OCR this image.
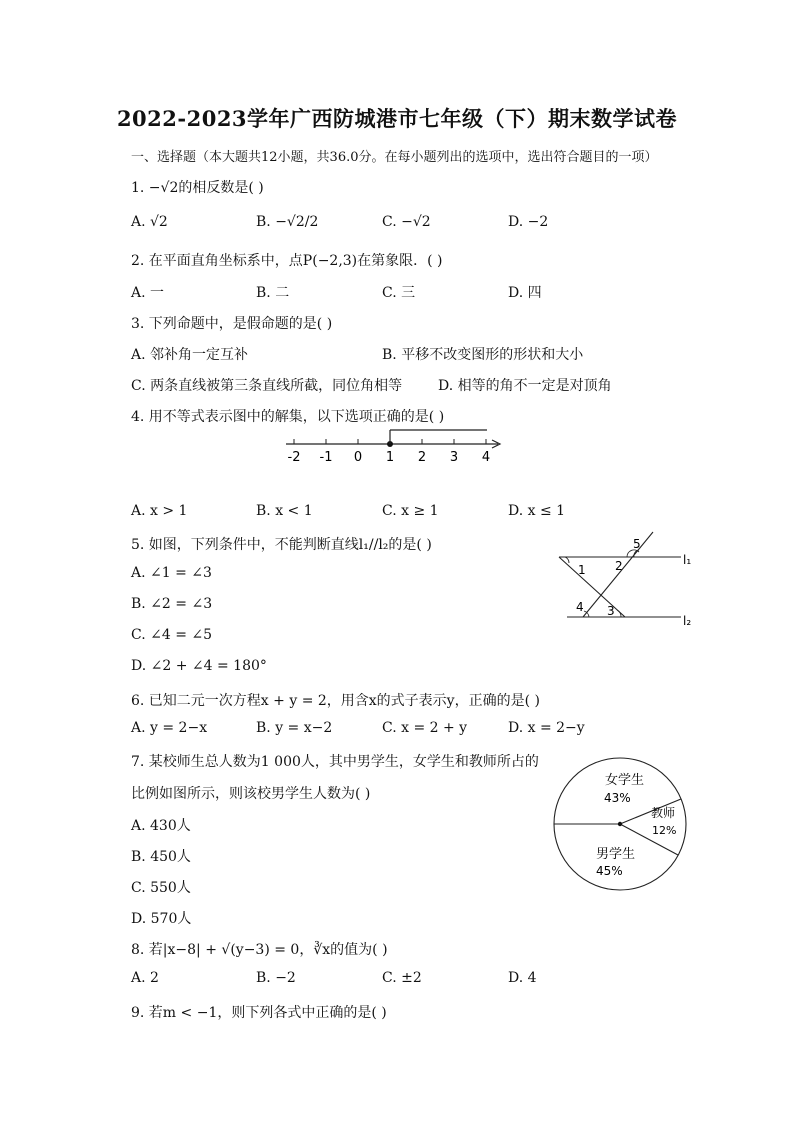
2022-2023学年广西防城港市七年级（下）期末数学试卷
一、选择题（本大题共12小题，共36.0分。在每小题列出的选项中，选出符合题目的一项）
1. −√2的相反数是( )
A. √2	B. −√2/2	C. −√2	D. −2
2. 在平面直角坐标系中，点P(−2,3)在第象限．( )
A. 一	B. 二	C. 三	D. 四
3. 下列命题中，是假命题的是( )
A. 邻补角一定互补	B. 平移不改变图形的形状和大小
C. 两条直线被第三条直线所截，同位角相等	D. 相等的角不一定是对顶角
4. 用不等式表示图中的解集，以下选项正确的是( )
-2 -1 0 1 2 3 4
A. x > 1	B. x < 1	C. x ≥ 1	D. x ≤ 1
5. 如图，下列条件中，不能判断直线l₁//l₂的是( )
A. ∠1 = ∠3
B. ∠2 = ∠3
C. ∠4 = ∠5
D. ∠2 + ∠4 = 180°
1 2
3
4
5
l₁
l₂
6. 已知二元一次方程x + y = 2，用含x的式子表示y，正确的是( )
A. y = 2−x	B. y = x−2	C. x = 2 + y	D. x = 2−y
7. 某校师生总人数为1 000人，其中男学生，女学生和教师所占的
比例如图所示，则该校男学生人数为( )
A. 430人
B. 450人
C. 550人
D. 570人
女学生
43%
教师
12%
男学生
45%
8. 若|x−8| + √(y−3) = 0，∛x的值为( )
A. 2	B. −2	C. ±2	D. 4
9. 若m < −1，则下列各式中正确的是( )
